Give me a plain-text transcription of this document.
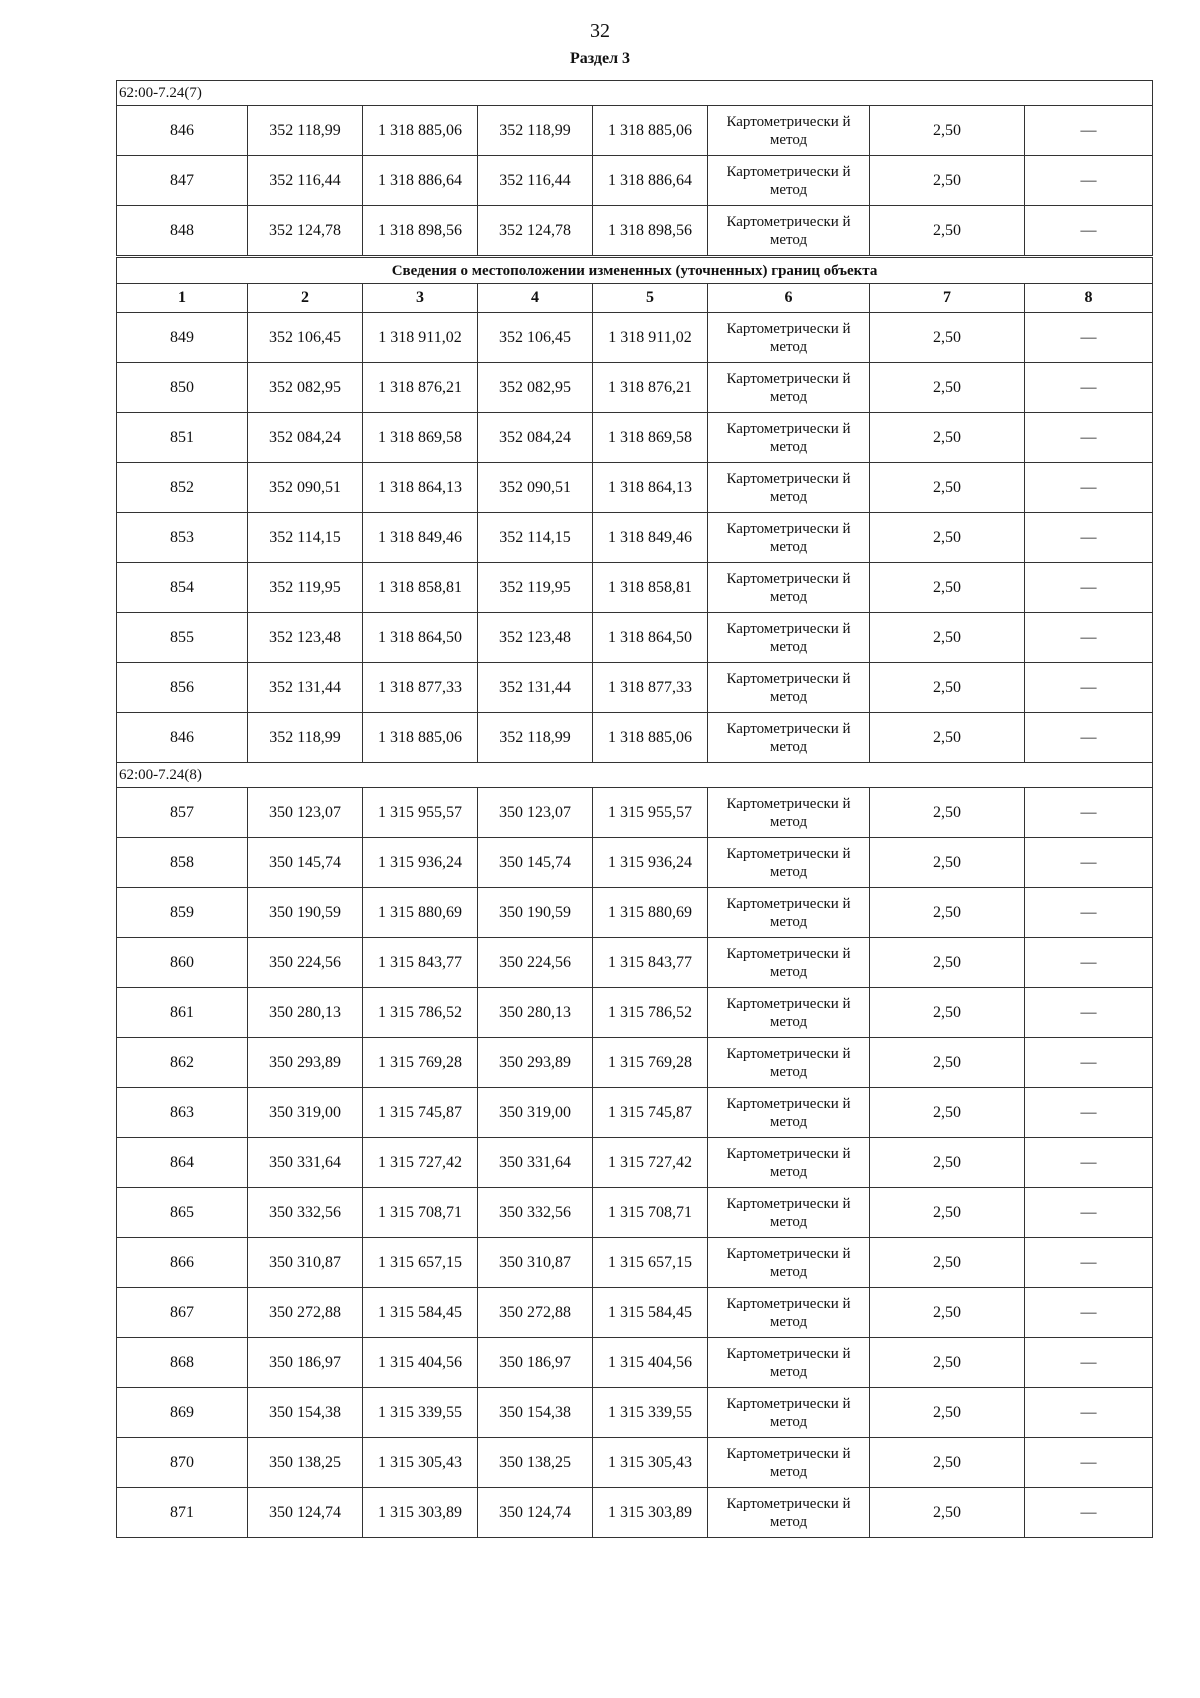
32
Раздел 3
62:00-7.24(7)							
846	352 118,99	1 318 885,06	352 118,99	1 318 885,06	Картометрически й метод	2,50	—
847	352 116,44	1 318 886,64	352 116,44	1 318 886,64	Картометрически й метод	2,50	—
848	352 124,78	1 318 898,56	352 124,78	1 318 898,56	Картометрически й метод	2,50	—
Сведения о местоположении измененных (уточненных) границ объекта							
1	2	3	4	5	6	7	8
849	352 106,45	1 318 911,02	352 106,45	1 318 911,02	Картометрически й метод	2,50	—
850	352 082,95	1 318 876,21	352 082,95	1 318 876,21	Картометрически й метод	2,50	—
851	352 084,24	1 318 869,58	352 084,24	1 318 869,58	Картометрически й метод	2,50	—
852	352 090,51	1 318 864,13	352 090,51	1 318 864,13	Картометрически й метод	2,50	—
853	352 114,15	1 318 849,46	352 114,15	1 318 849,46	Картометрически й метод	2,50	—
854	352 119,95	1 318 858,81	352 119,95	1 318 858,81	Картометрически й метод	2,50	—
855	352 123,48	1 318 864,50	352 123,48	1 318 864,50	Картометрически й метод	2,50	—
856	352 131,44	1 318 877,33	352 131,44	1 318 877,33	Картометрически й метод	2,50	—
846	352 118,99	1 318 885,06	352 118,99	1 318 885,06	Картометрически й метод	2,50	—
62:00-7.24(8)							
857	350 123,07	1 315 955,57	350 123,07	1 315 955,57	Картометрически й метод	2,50	—
858	350 145,74	1 315 936,24	350 145,74	1 315 936,24	Картометрически й метод	2,50	—
859	350 190,59	1 315 880,69	350 190,59	1 315 880,69	Картометрически й метод	2,50	—
860	350 224,56	1 315 843,77	350 224,56	1 315 843,77	Картометрически й метод	2,50	—
861	350 280,13	1 315 786,52	350 280,13	1 315 786,52	Картометрически й метод	2,50	—
862	350 293,89	1 315 769,28	350 293,89	1 315 769,28	Картометрически й метод	2,50	—
863	350 319,00	1 315 745,87	350 319,00	1 315 745,87	Картометрически й метод	2,50	—
864	350 331,64	1 315 727,42	350 331,64	1 315 727,42	Картометрически й метод	2,50	—
865	350 332,56	1 315 708,71	350 332,56	1 315 708,71	Картометрически й метод	2,50	—
866	350 310,87	1 315 657,15	350 310,87	1 315 657,15	Картометрически й метод	2,50	—
867	350 272,88	1 315 584,45	350 272,88	1 315 584,45	Картометрически й метод	2,50	—
868	350 186,97	1 315 404,56	350 186,97	1 315 404,56	Картометрически й метод	2,50	—
869	350 154,38	1 315 339,55	350 154,38	1 315 339,55	Картометрически й метод	2,50	—
870	350 138,25	1 315 305,43	350 138,25	1 315 305,43	Картометрически й метод	2,50	—
871	350 124,74	1 315 303,89	350 124,74	1 315 303,89	Картометрически й метод	2,50	—
